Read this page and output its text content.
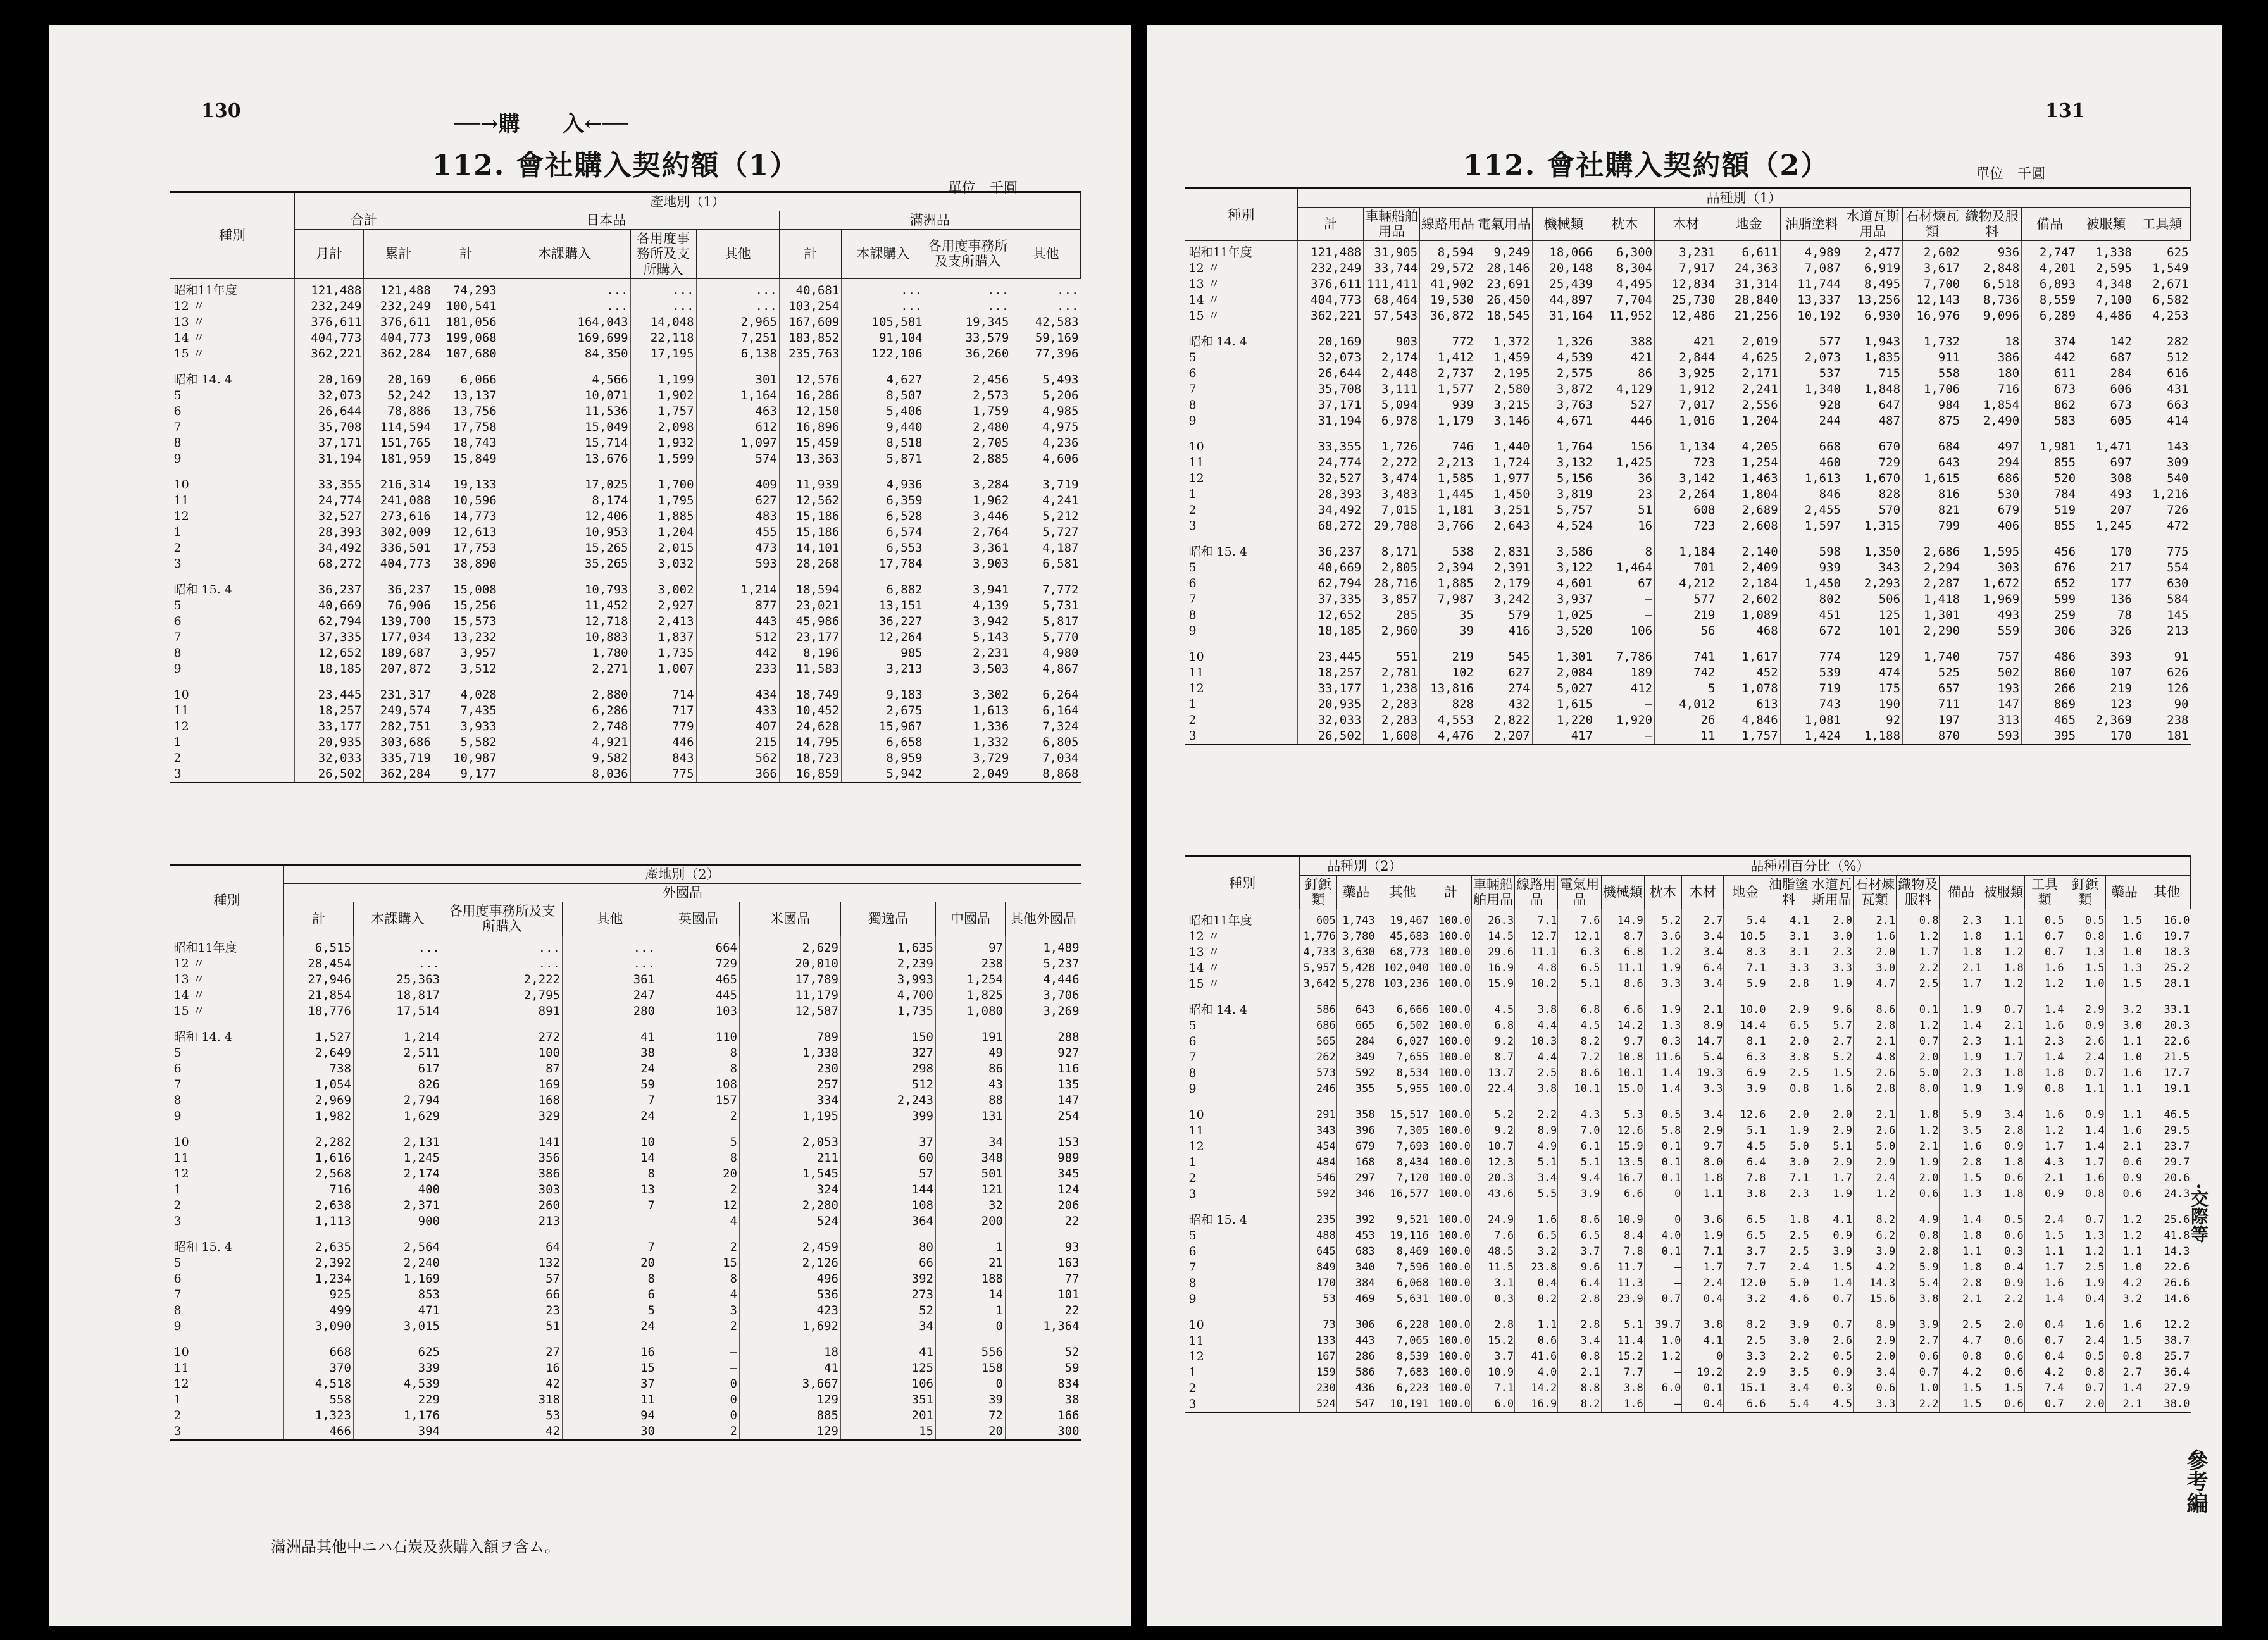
130
──→購　　入←──
112. 會社購入契約額（1）
單位　千圓
種別	產地別（1）									
	合計		日本品				滿洲品			
	月計	累計	計	本課購入	各用度事務所及支所購入	其他	計	本課購入	各用度事務所及支所購入	其他
昭和11年度	121,488	121,488	74,293	...	...	...	40,681	...	...	...
12 〃	232,249	232,249	100,541	...	...	...	103,254	...	...	...
13 〃	376,611	376,611	181,056	164,043	14,048	2,965	167,609	105,581	19,345	42,583
14 〃	404,773	404,773	199,068	169,699	22,118	7,251	183,852	91,104	33,579	59,169
15 〃	362,221	362,284	107,680	84,350	17,195	6,138	235,763	122,106	36,260	77,396

昭和 14. 4	20,169	20,169	6,066	4,566	1,199	301	12,576	4,627	2,456	5,493
5	32,073	52,242	13,137	10,071	1,902	1,164	16,286	8,507	2,573	5,206
6	26,644	78,886	13,756	11,536	1,757	463	12,150	5,406	1,759	4,985
7	35,708	114,594	17,758	15,049	2,098	612	16,896	9,440	2,480	4,975
8	37,171	151,765	18,743	15,714	1,932	1,097	15,459	8,518	2,705	4,236
9	31,194	181,959	15,849	13,676	1,599	574	13,363	5,871	2,885	4,606

10	33,355	216,314	19,133	17,025	1,700	409	11,939	4,936	3,284	3,719
11	24,774	241,088	10,596	8,174	1,795	627	12,562	6,359	1,962	4,241
12	32,527	273,616	14,773	12,406	1,885	483	15,186	6,528	3,446	5,212
1	28,393	302,009	12,613	10,953	1,204	455	15,186	6,574	2,764	5,727
2	34,492	336,501	17,753	15,265	2,015	473	14,101	6,553	3,361	4,187
3	68,272	404,773	38,890	35,265	3,032	593	28,268	17,784	3,903	6,581

昭和 15. 4	36,237	36,237	15,008	10,793	3,002	1,214	18,594	6,882	3,941	7,772
5	40,669	76,906	15,256	11,452	2,927	877	23,021	13,151	4,139	5,731
6	62,794	139,700	15,573	12,718	2,413	443	45,986	36,227	3,942	5,817
7	37,335	177,034	13,232	10,883	1,837	512	23,177	12,264	5,143	5,770
8	12,652	189,687	3,957	1,780	1,735	442	8,196	985	2,231	4,980
9	18,185	207,872	3,512	2,271	1,007	233	11,583	3,213	3,503	4,867

10	23,445	231,317	4,028	2,880	714	434	18,749	9,183	3,302	6,264
11	18,257	249,574	7,435	6,286	717	433	10,452	2,675	1,613	6,164
12	33,177	282,751	3,933	2,748	779	407	24,628	15,967	1,336	7,324
1	20,935	303,686	5,582	4,921	446	215	14,795	6,658	1,332	6,805
2	32,033	335,719	10,987	9,582	843	562	18,723	8,959	3,729	7,034
3	26,502	362,284	9,177	8,036	775	366	16,859	5,942	2,049	8,868
種別	產地別（2）								
	外國品								
	計	本課購入	各用度事務所及支所購入	其他	英國品	米國品	獨逸品	中國品	其他外國品
昭和11年度	6,515	...	...	...	664	2,629	1,635	97	1,489
12 〃	28,454	...	...	...	729	20,010	2,239	238	5,237
13 〃	27,946	25,363	2,222	361	465	17,789	3,993	1,254	4,446
14 〃	21,854	18,817	2,795	247	445	11,179	4,700	1,825	3,706
15 〃	18,776	17,514	891	280	103	12,587	1,735	1,080	3,269

昭和 14. 4	1,527	1,214	272	41	110	789	150	191	288
5	2,649	2,511	100	38	8	1,338	327	49	927
6	738	617	87	24	8	230	298	86	116
7	1,054	826	169	59	108	257	512	43	135
8	2,969	2,794	168	7	157	334	2,243	88	147
9	1,982	1,629	329	24	2	1,195	399	131	254

10	2,282	2,131	141	10	5	2,053	37	34	153
11	1,616	1,245	356	14	8	211	60	348	989
12	2,568	2,174	386	8	20	1,545	57	501	345
1	716	400	303	13	2	324	144	121	124
2	2,638	2,371	260	7	12	2,280	108	32	206
3	1,113	900	213		4	524	364	200	22

昭和 15. 4	2,635	2,564	64	7	2	2,459	80	1	93
5	2,392	2,240	132	20	15	2,126	66	21	163
6	1,234	1,169	57	8	8	496	392	188	77
7	925	853	66	6	4	536	273	14	101
8	499	471	23	5	3	423	52	1	22
9	3,090	3,015	51	24	2	1,692	34	0	1,364

10	668	625	27	16	—	18	41	556	52
11	370	339	16	15	—	41	125	158	59
12	4,518	4,539	42	37	0	3,667	106	0	834
1	558	229	318	11	0	129	351	39	38
2	1,323	1,176	53	94	0	885	201	72	166
3	466	394	42	30	2	129	15	20	300
滿洲品其他中ニハ石炭及荻購入額ヲ含ム。
112. 會社購入契約額（2）
131
單位　千圓
種別	品種別（1）														
	計	車輛船舶用品	線路用品	電氣用品	機械類	枕木	木材	地金	油脂塗料	水道瓦斯用品	石材煉瓦類	織物及服料	備品	被服類	工具類
昭和11年度	121,488	31,905	8,594	9,249	18,066	6,300	3,231	6,611	4,989	2,477	2,602	936	2,747	1,338	625
12 〃	232,249	33,744	29,572	28,146	20,148	8,304	7,917	24,363	7,087	6,919	3,617	2,848	4,201	2,595	1,549
13 〃	376,611	111,411	41,902	23,691	25,439	4,495	12,834	31,314	11,744	8,495	7,700	6,518	6,893	4,348	2,671
14 〃	404,773	68,464	19,530	26,450	44,897	7,704	25,730	28,840	13,337	13,256	12,143	8,736	8,559	7,100	6,582
15 〃	362,221	57,543	36,872	18,545	31,164	11,952	12,486	21,256	10,192	6,930	16,976	9,096	6,289	4,486	4,253

昭和 14. 4	20,169	903	772	1,372	1,326	388	421	2,019	577	1,943	1,732	18	374	142	282
5	32,073	2,174	1,412	1,459	4,539	421	2,844	4,625	2,073	1,835	911	386	442	687	512
6	26,644	2,448	2,737	2,195	2,575	86	3,925	2,171	537	715	558	180	611	284	616
7	35,708	3,111	1,577	2,580	3,872	4,129	1,912	2,241	1,340	1,848	1,706	716	673	606	431
8	37,171	5,094	939	3,215	3,763	527	7,017	2,556	928	647	984	1,854	862	673	663
9	31,194	6,978	1,179	3,146	4,671	446	1,016	1,204	244	487	875	2,490	583	605	414

10	33,355	1,726	746	1,440	1,764	156	1,134	4,205	668	670	684	497	1,981	1,471	143
11	24,774	2,272	2,213	1,724	3,132	1,425	723	1,254	460	729	643	294	855	697	309
12	32,527	3,474	1,585	1,977	5,156	36	3,142	1,463	1,613	1,670	1,615	686	520	308	540
1	28,393	3,483	1,445	1,450	3,819	23	2,264	1,804	846	828	816	530	784	493	1,216
2	34,492	7,015	1,181	3,251	5,757	51	608	2,689	2,455	570	821	679	519	207	726
3	68,272	29,788	3,766	2,643	4,524	16	723	2,608	1,597	1,315	799	406	855	1,245	472

昭和 15. 4	36,237	8,171	538	2,831	3,586	8	1,184	2,140	598	1,350	2,686	1,595	456	170	775
5	40,669	2,805	2,394	2,391	3,122	1,464	701	2,409	939	343	2,294	303	676	217	554
6	62,794	28,716	1,885	2,179	4,601	67	4,212	2,184	1,450	2,293	2,287	1,672	652	177	630
7	37,335	3,857	7,987	3,242	3,937	—	577	2,602	802	506	1,418	1,969	599	136	584
8	12,652	285	35	579	1,025	—	219	1,089	451	125	1,301	493	259	78	145
9	18,185	2,960	39	416	3,520	106	56	468	672	101	2,290	559	306	326	213

10	23,445	551	219	545	1,301	7,786	741	1,617	774	129	1,740	757	486	393	91
11	18,257	2,781	102	627	2,084	189	742	452	539	474	525	502	860	107	626
12	33,177	1,238	13,816	274	5,027	412	5	1,078	719	175	657	193	266	219	126
1	20,935	2,283	828	432	1,615	—	4,012	613	743	190	711	147	869	123	90
2	32,033	2,283	4,553	2,822	1,220	1,920	26	4,846	1,081	92	197	313	465	2,369	238
3	26,502	1,608	4,476	2,207	417	—	11	1,757	1,424	1,188	870	593	395	170	181
種別	品種別（2）			品種別百分比（%）																	
	釘鋲類	藥品	其他	計	車輛船舶用品	線路用品	電氣用品	機械類	枕木	木材	地金	油脂塗料	水道瓦斯用品	石材煉瓦類	織物及服料	備品	被服類	工具類	釘鋲類	藥品	其他
昭和11年度	605	1,743	19,467	100.0	26.3	7.1	7.6	14.9	5.2	2.7	5.4	4.1	2.0	2.1	0.8	2.3	1.1	0.5	0.5	1.5	16.0
12 〃	1,776	3,780	45,683	100.0	14.5	12.7	12.1	8.7	3.6	3.4	10.5	3.1	3.0	1.6	1.2	1.8	1.1	0.7	0.8	1.6	19.7
13 〃	4,733	3,630	68,773	100.0	29.6	11.1	6.3	6.8	1.2	3.4	8.3	3.1	2.3	2.0	1.7	1.8	1.2	0.7	1.3	1.0	18.3
14 〃	5,957	5,428	102,040	100.0	16.9	4.8	6.5	11.1	1.9	6.4	7.1	3.3	3.3	3.0	2.2	2.1	1.8	1.6	1.5	1.3	25.2
15 〃	3,642	5,278	103,236	100.0	15.9	10.2	5.1	8.6	3.3	3.4	5.9	2.8	1.9	4.7	2.5	1.7	1.2	1.2	1.0	1.5	28.1

昭和 14. 4	586	643	6,666	100.0	4.5	3.8	6.8	6.6	1.9	2.1	10.0	2.9	9.6	8.6	0.1	1.9	0.7	1.4	2.9	3.2	33.1
5	686	665	6,502	100.0	6.8	4.4	4.5	14.2	1.3	8.9	14.4	6.5	5.7	2.8	1.2	1.4	2.1	1.6	0.9	3.0	20.3
6	565	284	6,027	100.0	9.2	10.3	8.2	9.7	0.3	14.7	8.1	2.0	2.7	2.1	0.7	2.3	1.1	2.3	2.6	1.1	22.6
7	262	349	7,655	100.0	8.7	4.4	7.2	10.8	11.6	5.4	6.3	3.8	5.2	4.8	2.0	1.9	1.7	1.4	2.4	1.0	21.5
8	573	592	8,534	100.0	13.7	2.5	8.6	10.1	1.4	19.3	6.9	2.5	1.5	2.6	5.0	2.3	1.8	1.8	0.7	1.6	17.7
9	246	355	5,955	100.0	22.4	3.8	10.1	15.0	1.4	3.3	3.9	0.8	1.6	2.8	8.0	1.9	1.9	0.8	1.1	1.1	19.1

10	291	358	15,517	100.0	5.2	2.2	4.3	5.3	0.5	3.4	12.6	2.0	2.0	2.1	1.8	5.9	3.4	1.6	0.9	1.1	46.5
11	343	396	7,305	100.0	9.2	8.9	7.0	12.6	5.8	2.9	5.1	1.9	2.9	2.6	1.2	3.5	2.8	1.2	1.4	1.6	29.5
12	454	679	7,693	100.0	10.7	4.9	6.1	15.9	0.1	9.7	4.5	5.0	5.1	5.0	2.1	1.6	0.9	1.7	1.4	2.1	23.7
1	484	168	8,434	100.0	12.3	5.1	5.1	13.5	0.1	8.0	6.4	3.0	2.9	2.9	1.9	2.8	1.8	4.3	1.7	0.6	29.7
2	546	297	7,120	100.0	20.3	3.4	9.4	16.7	0.1	1.8	7.8	7.1	1.7	2.4	2.0	1.5	0.6	2.1	1.6	0.9	20.6
3	592	346	16,577	100.0	43.6	5.5	3.9	6.6	0	1.1	3.8	2.3	1.9	1.2	0.6	1.3	1.8	0.9	0.8	0.6	24.3

昭和 15. 4	235	392	9,521	100.0	24.9	1.6	8.6	10.9	0	3.6	6.5	1.8	4.1	8.2	4.9	1.4	0.5	2.4	0.7	1.2	25.6
5	488	453	19,116	100.0	7.6	6.5	6.5	8.4	4.0	1.9	6.5	2.5	0.9	6.2	0.8	1.8	0.6	1.5	1.3	1.2	41.8
6	645	683	8,469	100.0	48.5	3.2	3.7	7.8	0.1	7.1	3.7	2.5	3.9	3.9	2.8	1.1	0.3	1.1	1.2	1.1	14.3
7	849	340	7,596	100.0	11.5	23.8	9.6	11.7	—	1.7	7.7	2.4	1.5	4.2	5.9	1.8	0.4	1.7	2.5	1.0	22.6
8	170	384	6,068	100.0	3.1	0.4	6.4	11.3	—	2.4	12.0	5.0	1.4	14.3	5.4	2.8	0.9	1.6	1.9	4.2	26.6
9	53	469	5,631	100.0	0.3	0.2	2.8	23.9	0.7	0.4	3.2	4.6	0.7	15.6	3.8	2.1	2.2	1.4	0.4	3.2	14.6

10	73	306	6,228	100.0	2.8	1.1	2.8	5.1	39.7	3.8	8.2	3.9	0.7	8.9	3.9	2.5	2.0	0.4	1.6	1.6	12.2
11	133	443	7,065	100.0	15.2	0.6	3.4	11.4	1.0	4.1	2.5	3.0	2.6	2.9	2.7	4.7	0.6	0.7	2.4	1.5	38.7
12	167	286	8,539	100.0	3.7	41.6	0.8	15.2	1.2	0	3.3	2.2	0.5	2.0	0.6	0.8	0.6	0.4	0.5	0.8	25.7
1	159	586	7,683	100.0	10.9	4.0	2.1	7.7	—	19.2	2.9	3.5	0.9	3.4	0.7	4.2	0.6	4.2	0.8	2.7	36.4
2	230	436	6,223	100.0	7.1	14.2	8.8	3.8	6.0	0.1	15.1	3.4	0.3	0.6	1.0	1.5	1.5	7.4	0.7	1.4	27.9
3	524	547	10,191	100.0	6.0	16.9	8.2	1.6	—	0.4	6.6	5.4	4.5	3.3	2.2	1.5	0.6	0.7	2.0	2.1	38.0
·交際等
參考編
